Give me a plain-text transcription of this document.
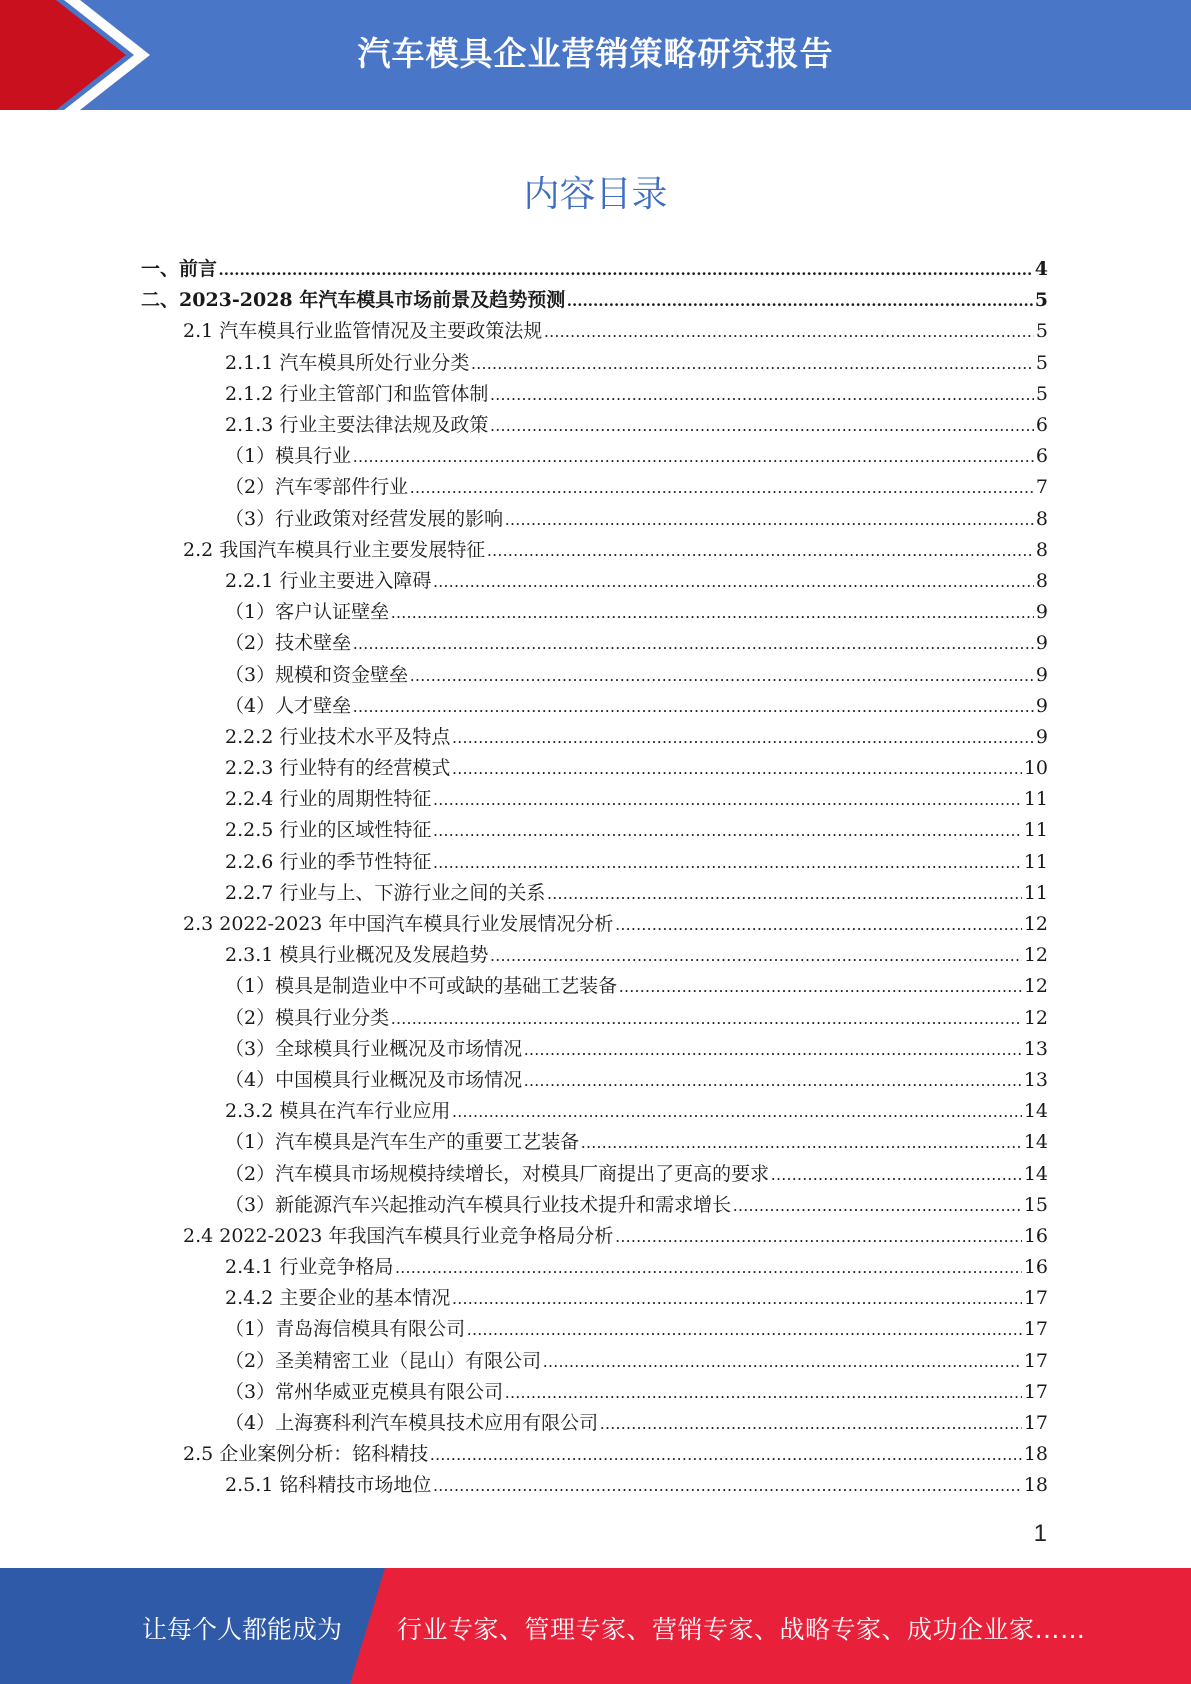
汽车模具企业营销策略研究报告
内容目录
一、前言 .....	4
二、2023-2028 年汽车模具市场前景及趋势预测 .....	5
2.1 汽车模具行业监管情况及主要政策法规 .....	5
2.1.1 汽车模具所处行业分类 .....	5
2.1.2 行业主管部门和监管体制 .....	5
2.1.3 行业主要法律法规及政策 .....	6
（1）模具行业 .....	6
（2）汽车零部件行业 .....	7
（3）行业政策对经营发展的影响 .....	8
2.2 我国汽车模具行业主要发展特征 .....	8
2.2.1 行业主要进入障碍 .....	8
（1）客户认证壁垒 .....	9
（2）技术壁垒 .....	9
（3）规模和资金壁垒 .....	9
（4）人才壁垒 .....	9
2.2.2 行业技术水平及特点 .....	9
2.2.3 行业特有的经营模式 .....	10
2.2.4 行业的周期性特征 .....	11
2.2.5 行业的区域性特征 .....	11
2.2.6 行业的季节性特征 .....	11
2.2.7 行业与上、下游行业之间的关系 .....	11
2.3 2022-2023 年中国汽车模具行业发展情况分析 .....	12
2.3.1 模具行业概况及发展趋势 .....	12
（1）模具是制造业中不可或缺的基础工艺装备 .....	12
（2）模具行业分类 .....	12
（3）全球模具行业概况及市场情况 .....	13
（4）中国模具行业概况及市场情况 .....	13
2.3.2 模具在汽车行业应用 .....	14
（1）汽车模具是汽车生产的重要工艺装备 .....	14
（2）汽车模具市场规模持续增长，对模具厂商提出了更高的要求 .....	14
（3）新能源汽车兴起推动汽车模具行业技术提升和需求增长 .....	15
2.4 2022-2023 年我国汽车模具行业竞争格局分析 .....	16
2.4.1 行业竞争格局 .....	16
2.4.2 主要企业的基本情况 .....	17
（1）青岛海信模具有限公司 .....	17
（2）圣美精密工业（昆山）有限公司 .....	17
（3）常州华威亚克模具有限公司 .....	17
（4）上海赛科利汽车模具技术应用有限公司 .....	17
2.5 企业案例分析：铭科精技 .....	18
2.5.1 铭科精技市场地位 .....	18
1
让每个人都能成为 行业专家、管理专家、营销专家、战略专家、成功企业家……
